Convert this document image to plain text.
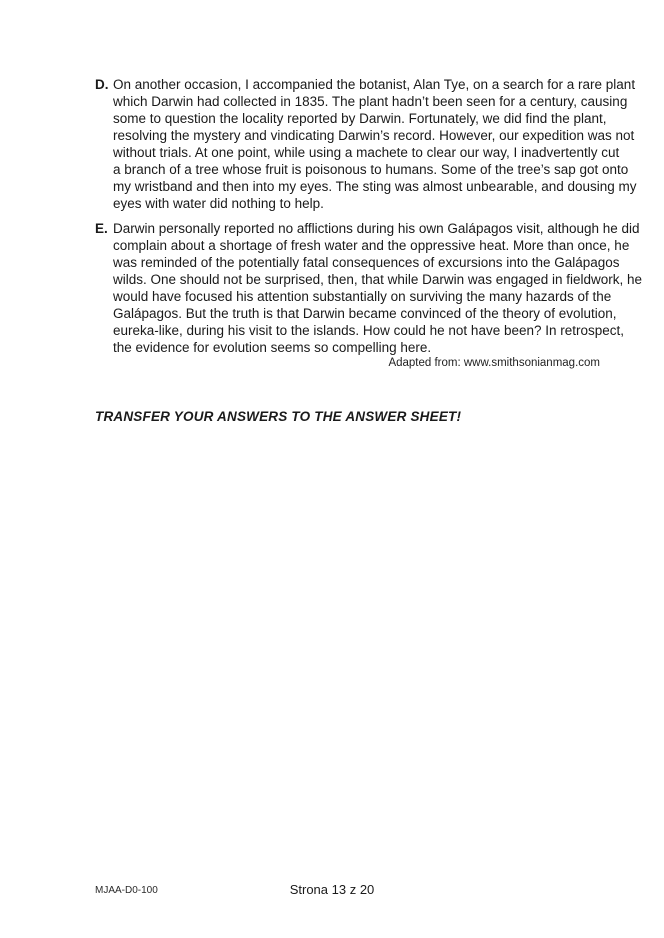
D. On another occasion, I accompanied the botanist, Alan Tye, on a search for a rare plant
which Darwin had collected in 1835. The plant hadn’t been seen for a century, causing
some to question the locality reported by Darwin. Fortunately, we did find the plant,
resolving the mystery and vindicating Darwin’s record. However, our expedition was not
without trials. At one point, while using a machete to clear our way, I inadvertently cut
a branch of a tree whose fruit is poisonous to humans. Some of the tree’s sap got onto
my wristband and then into my eyes. The sting was almost unbearable, and dousing my
eyes with water did nothing to help.
E. Darwin personally reported no afflictions during his own Galápagos visit, although he did
complain about a shortage of fresh water and the oppressive heat. More than once, he
was reminded of the potentially fatal consequences of excursions into the Galápagos
wilds. One should not be surprised, then, that while Darwin was engaged in fieldwork, he
would have focused his attention substantially on surviving the many hazards of the
Galápagos. But the truth is that Darwin became convinced of the theory of evolution,
eureka-like, during his visit to the islands. How could he not have been? In retrospect,
the evidence for evolution seems so compelling here.
Adapted from: www.smithsonianmag.com
TRANSFER YOUR ANSWERS TO THE ANSWER SHEET!
MJAA-D0-100	Strona 13 z 20
